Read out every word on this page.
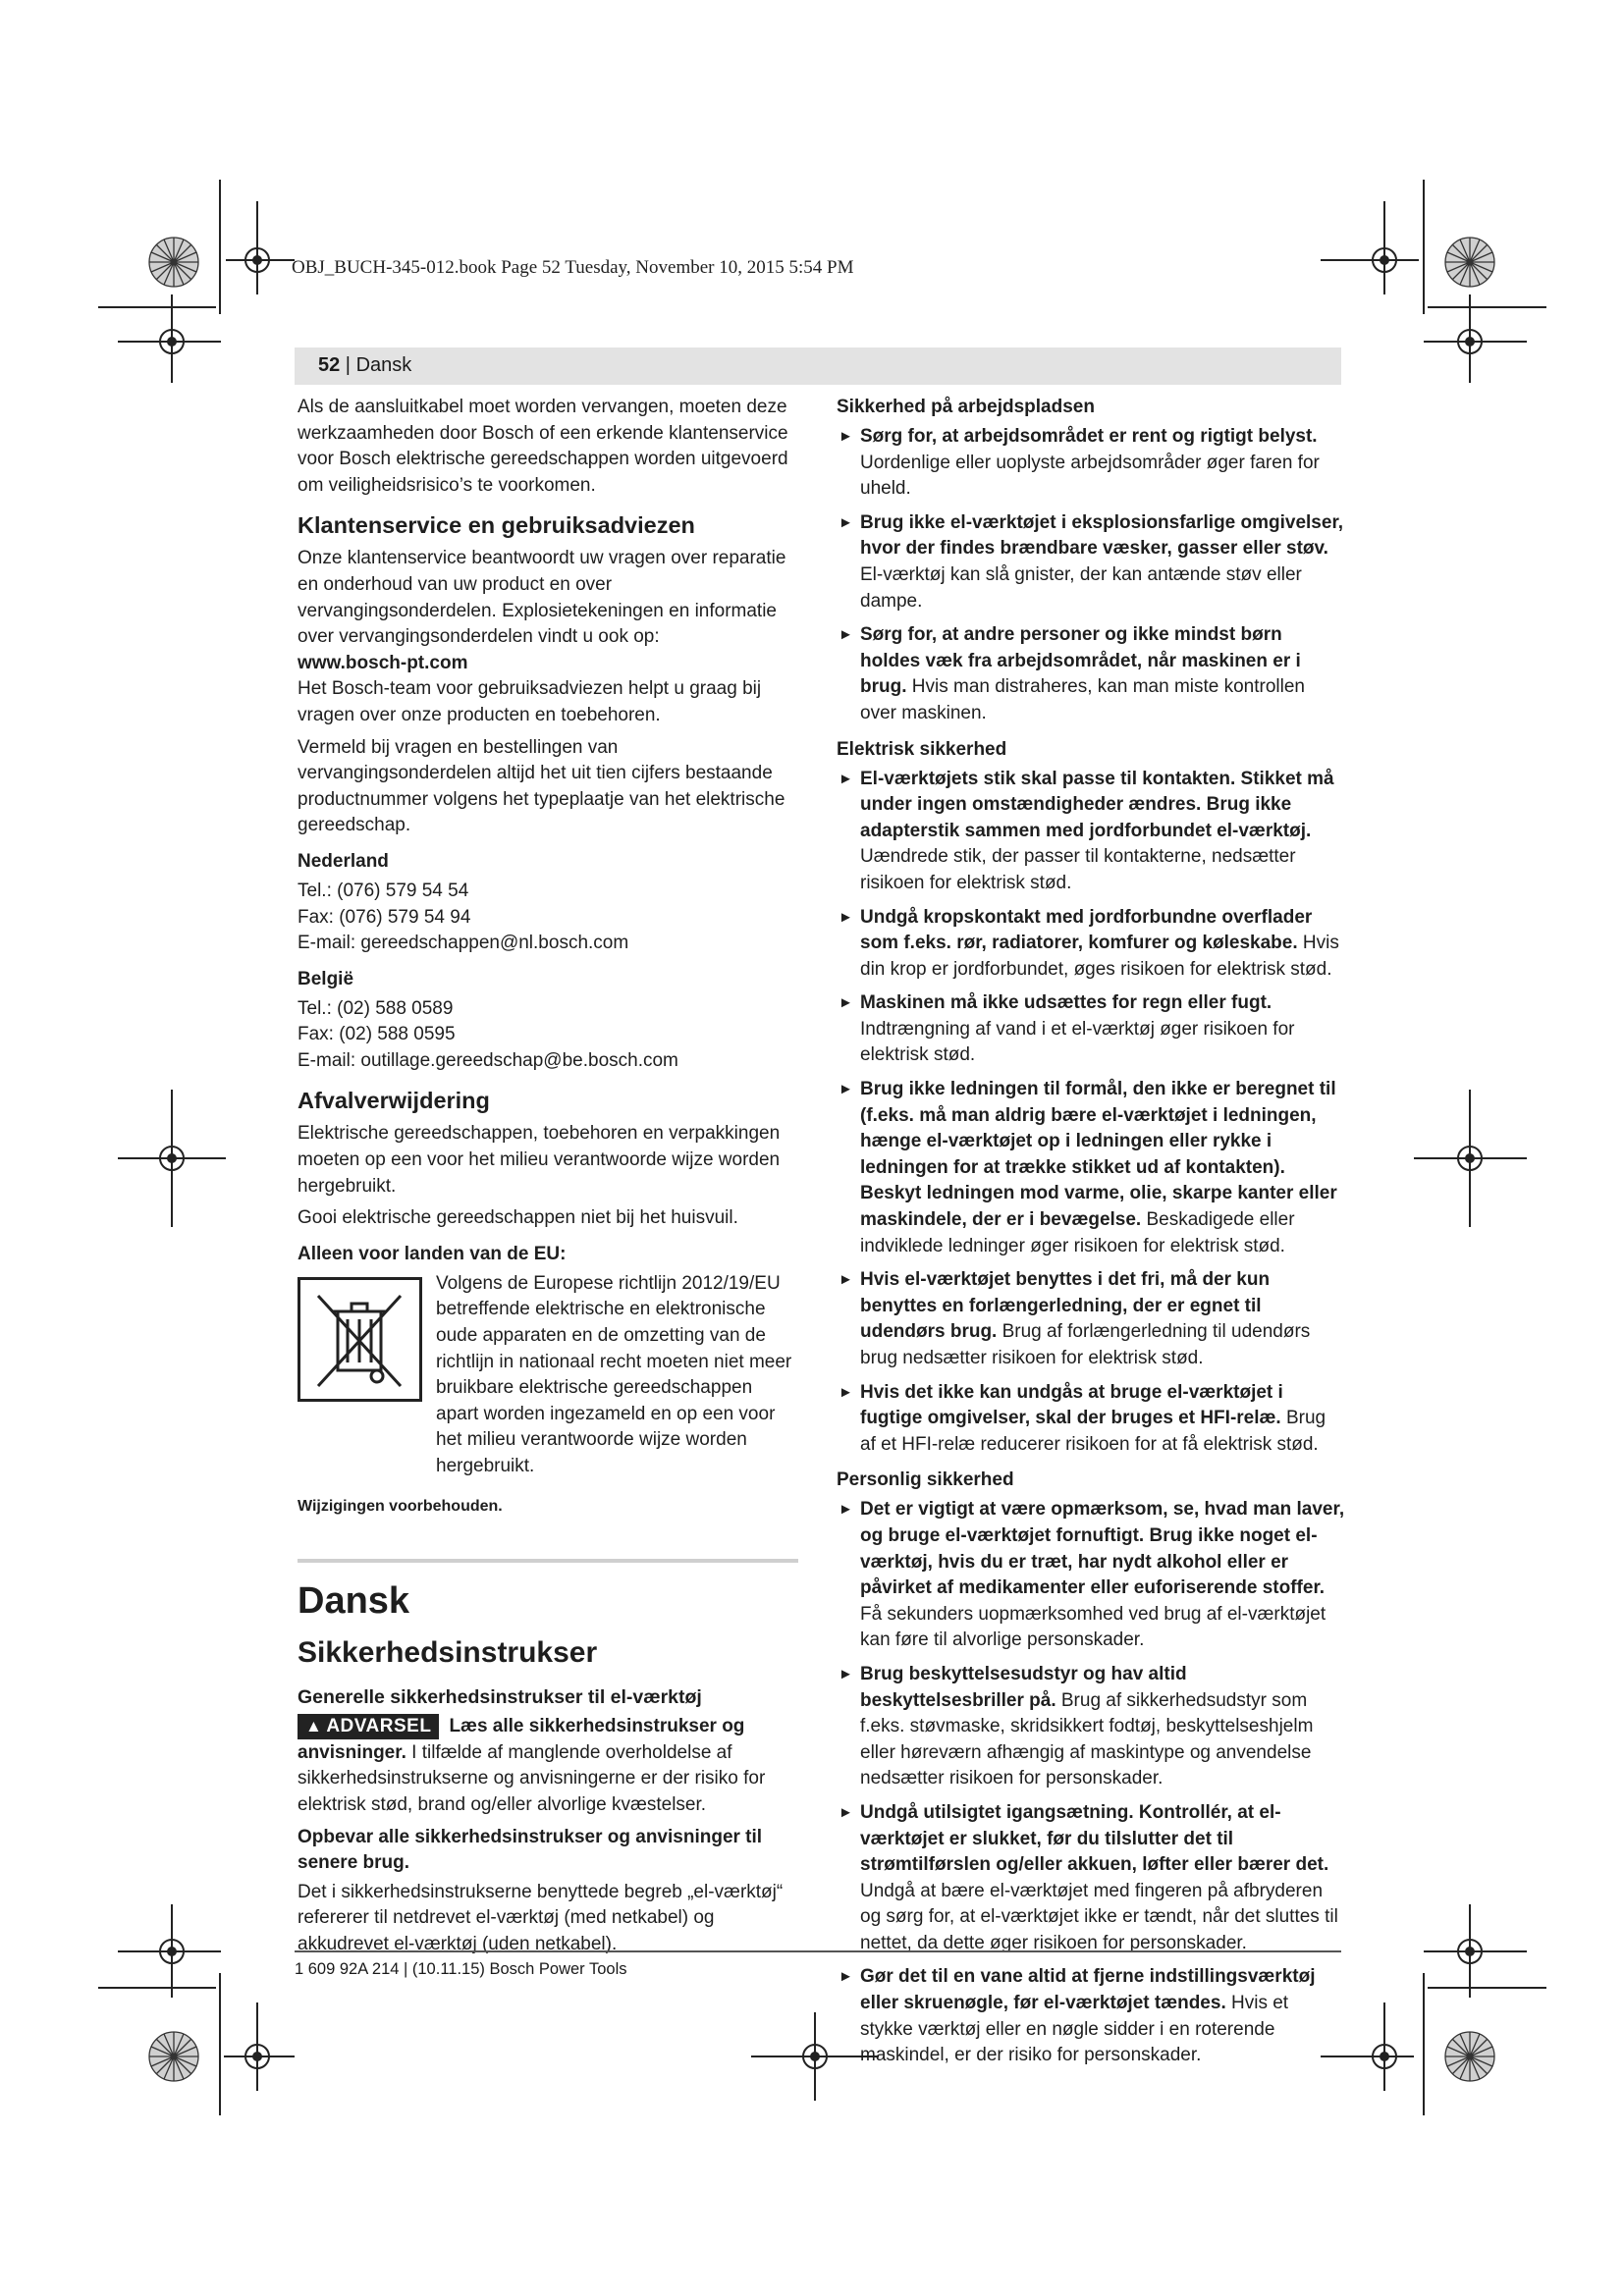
OBJ_BUCH-345-012.book Page 52 Tuesday, November 10, 2015 5:54 PM
52 | Dansk

Als de aansluitkabel moet worden vervangen, moeten deze werkzaamheden door Bosch of een erkende klantenservice voor Bosch elektrische gereedschappen worden uitgevoerd om veiligheidsrisico’s te voorkomen.

Klantenservice en gebruiksadviezen

Onze klantenservice beantwoordt uw vragen over reparatie en onderhoud van uw product en over vervangingsonderdelen. Explosietekeningen en informatie over vervangingsonderdelen vindt u ook op:

www.bosch-pt.com

Het Bosch-team voor gebruiksadviezen helpt u graag bij vragen over onze producten en toebehoren.

Vermeld bij vragen en bestellingen van vervangingsonderdelen altijd het uit tien cijfers bestaande productnummer volgens het typeplaatje van het elektrische gereedschap.

Nederland
Tel.: (076) 579 54 54
Fax: (076) 579 54 94
E-mail: gereedschappen@nl.bosch.com
België
Tel.: (02) 588 0589
Fax: (02) 588 0595
E-mail: outillage.gereedschap@be.bosch.com
Afvalverwijdering

Elektrische gereedschappen, toebehoren en verpakkingen moeten op een voor het milieu verantwoorde wijze worden hergebruikt.

Gooi elektrische gereedschappen niet bij het huisvuil.

Alleen voor landen van de EU:
Volgens de Europese richtlijn 2012/19/EU betreffende elektrische en elektronische oude apparaten en de omzetting van de richtlijn in nationaal recht moeten niet meer bruikbare elektrische gereedschappen apart worden ingezameld en op een voor het milieu verantwoorde wijze worden hergebruikt.

Wijzigingen voorbehouden.

Dansk
Sikkerhedsinstrukser
Generelle sikkerhedsinstrukser til el-værktøj

▲ ADVARSEL Læs alle sikkerhedsinstrukser og anvisninger. I tilfælde af manglende overholdelse af sikkerhedsinstrukserne og anvisningerne er der risiko for elektrisk stød, brand og/eller alvorlige kvæstelser.

Opbevar alle sikkerhedsinstrukser og anvisninger til senere brug.

Det i sikkerhedsinstrukserne benyttede begreb „el-værktøj“ refererer til netdrevet el-værktøj (med netkabel) og akkudrevet el-værktøj (uden netkabel).

Sikkerhed på arbejdspladsen

► Sørg for, at arbejdsområdet er rent og rigtigt belyst. Uordenlige eller uoplyste arbejdsområder øger faren for uheld.

► Brug ikke el-værktøjet i eksplosionsfarlige omgivelser, hvor der findes brændbare væsker, gasser eller støv. El-værktøj kan slå gnister, der kan antænde støv eller dampe.

► Sørg for, at andre personer og ikke mindst børn holdes væk fra arbejdsområdet, når maskinen er i brug. Hvis man distraheres, kan man miste kontrollen over maskinen.

Elektrisk sikkerhed

► El-værktøjets stik skal passe til kontakten. Stikket må under ingen omstændigheder ændres. Brug ikke adapterstik sammen med jordforbundet el-værktøj. Uændrede stik, der passer til kontakterne, nedsætter risikoen for elektrisk stød.

► Undgå kropskontakt med jordforbundne overflader som f.eks. rør, radiatorer, komfurer og køleskabe. Hvis din krop er jordforbundet, øges risikoen for elektrisk stød.

► Maskinen må ikke udsættes for regn eller fugt. Indtrængning af vand i et el-værktøj øger risikoen for elektrisk stød.

► Brug ikke ledningen til formål, den ikke er beregnet til (f.eks. må man aldrig bære el-værktøjet i ledningen, hænge el-værktøjet op i ledningen eller rykke i ledningen for at trække stikket ud af kontakten). Beskyt ledningen mod varme, olie, skarpe kanter eller maskindele, der er i bevægelse. Beskadigede eller indviklede ledninger øger risikoen for elektrisk stød.

► Hvis el-værktøjet benyttes i det fri, må der kun benyttes en forlængerledning, der er egnet til udendørs brug. Brug af forlængerledning til udendørs brug nedsætter risikoen for elektrisk stød.

► Hvis det ikke kan undgås at bruge el-værktøjet i fugtige omgivelser, skal der bruges et HFI-relæ. Brug af et HFI-relæ reducerer risikoen for at få elektrisk stød.

Personlig sikkerhed

► Det er vigtigt at være opmærksom, se, hvad man laver, og bruge el-værktøjet fornuftigt. Brug ikke noget el-værktøj, hvis du er træt, har nydt alkohol eller er påvirket af medikamenter eller euforiserende stoffer. Få sekunders uopmærksomhed ved brug af el-værktøjet kan føre til alvorlige personskader.

► Brug beskyttelsesudstyr og hav altid beskyttelsesbriller på. Brug af sikkerhedsudstyr som f.eks. støvmaske, skridsikkert fodtøj, beskyttelseshjelm eller høreværn afhængig af maskintype og anvendelse nedsætter risikoen for personskader.

► Undgå utilsigtet igangsætning. Kontrollér, at el-værktøjet er slukket, før du tilslutter det til strømtilførslen og/eller akkuen, løfter eller bærer det. Undgå at bære el-værktøjet med fingeren på afbryderen og sørg for, at el-værktøjet ikke er tændt, når det sluttes til nettet, da dette øger risikoen for personskader.

► Gør det til en vane altid at fjerne indstillingsværktøj eller skruenøgle, før el-værktøjet tændes. Hvis et stykke værktøj eller en nøgle sidder i en roterende maskindel, er der risiko for personskader.

1 609 92A 214 | (10.11.15) Bosch Power Tools
